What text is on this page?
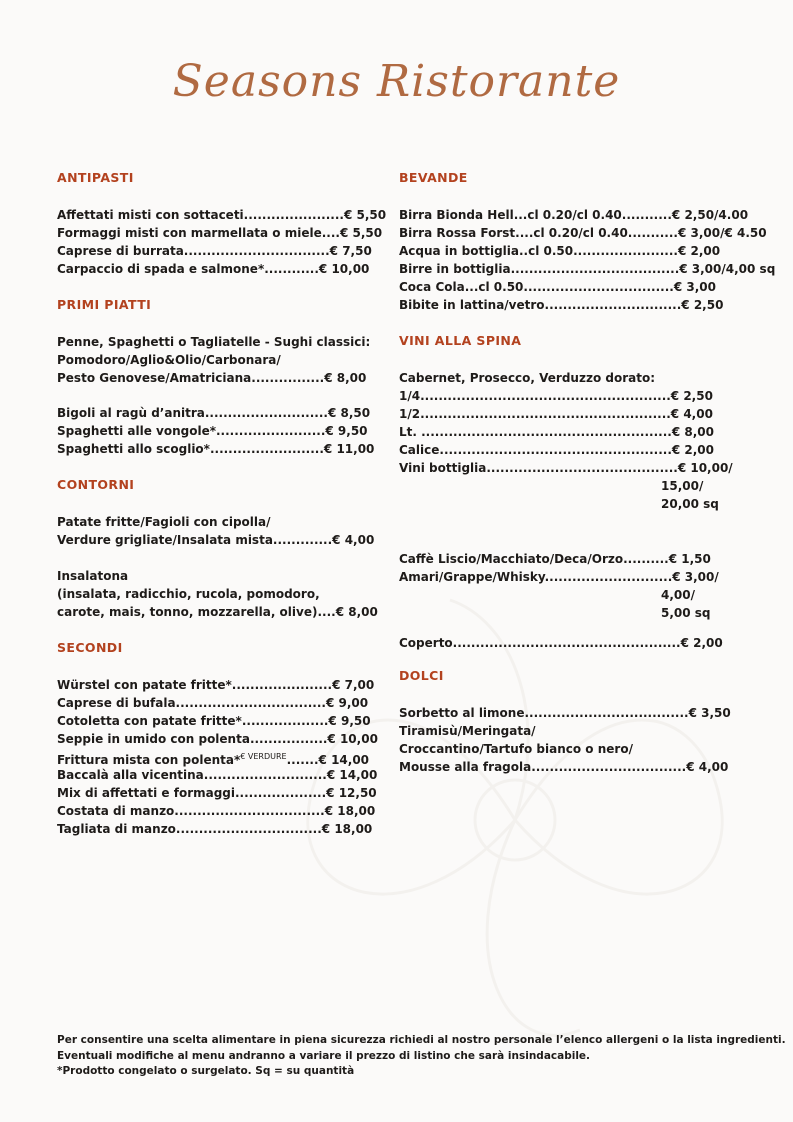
Seasons Ristorante
ANTIPASTI
Affettati misti con sottaceti......................€ 5,50
Formaggi misti con marmellata o miele....€ 5,50
Caprese di burrata................................€ 7,50
Carpaccio di spada e salmone*............€ 10,00
PRIMI PIATTI
Penne, Spaghetti o Tagliatelle - Sughi classici:
Pomodoro/Aglio&Olio/Carbonara/
Pesto Genovese/Amatriciana................€ 8,00
Bigoli al ragù d’anitra...........................€ 8,50
Spaghetti alle vongole*........................€ 9,50
Spaghetti allo scoglio*.........................€ 11,00
CONTORNI
Patate fritte/Fagioli con cipolla/
Verdure grigliate/Insalata mista.............€ 4,00
Insalatona
(insalata, radicchio, rucola, pomodoro,
carote, mais, tonno, mozzarella, olive)....€ 8,00
SECONDI
Würstel con patate fritte*......................€ 7,00
Caprese di bufala.................................€ 9,00
Cotoletta con patate fritte*...................€ 9,50
Seppie in umido con polenta.................€ 10,00
Frittura mista con polenta*$^{€ VERDURE}$.......€ 14,00
Baccalà alla vicentina...........................€ 14,00
Mix di affettati e formaggi....................€ 12,50
Costata di manzo.................................€ 18,00
Tagliata di manzo................................€ 18,00
BEVANDE
Birra Bionda Hell...cl 0.20/cl 0.40...........€ 2,50/4.00
Birra Rossa Forst....cl 0.20/cl 0.40...........€ 3,00/€ 4.50
Acqua in bottiglia..cl 0.50.......................€ 2,00
Birre in bottiglia.....................................€ 3,00/4,00 sq
Coca Cola...cl 0.50.................................€ 3,00
Bibite in lattina/vetro..............................€ 2,50
VINI ALLA SPINA
Cabernet, Prosecco, Verduzzo dorato:
1/4.......................................................€ 2,50
1/2.......................................................€ 4,00
Lt. .......................................................€ 8,00
Calice...................................................€ 2,00
Vini bottiglia..........................................€ 10,00/
15,00/
20,00 sq
Caffè Liscio/Macchiato/Deca/Orzo..........€ 1,50
Amari/Grappe/Whisky............................€ 3,00/
4,00/
5,00 sq
Coperto..................................................€ 2,00
DOLCI
Sorbetto al limone....................................€ 3,50
Tiramisù/Meringata/
Croccantino/Tartufo bianco o nero/
Mousse alla fragola..................................€ 4,00
Per consentire una scelta alimentare in piena sicurezza richiedi al nostro personale l’elenco allergeni o la lista ingredienti.
Eventuali modifiche al menu andranno a variare il prezzo di listino che sarà insindacabile.
*Prodotto congelato o surgelato. Sq = su quantità
